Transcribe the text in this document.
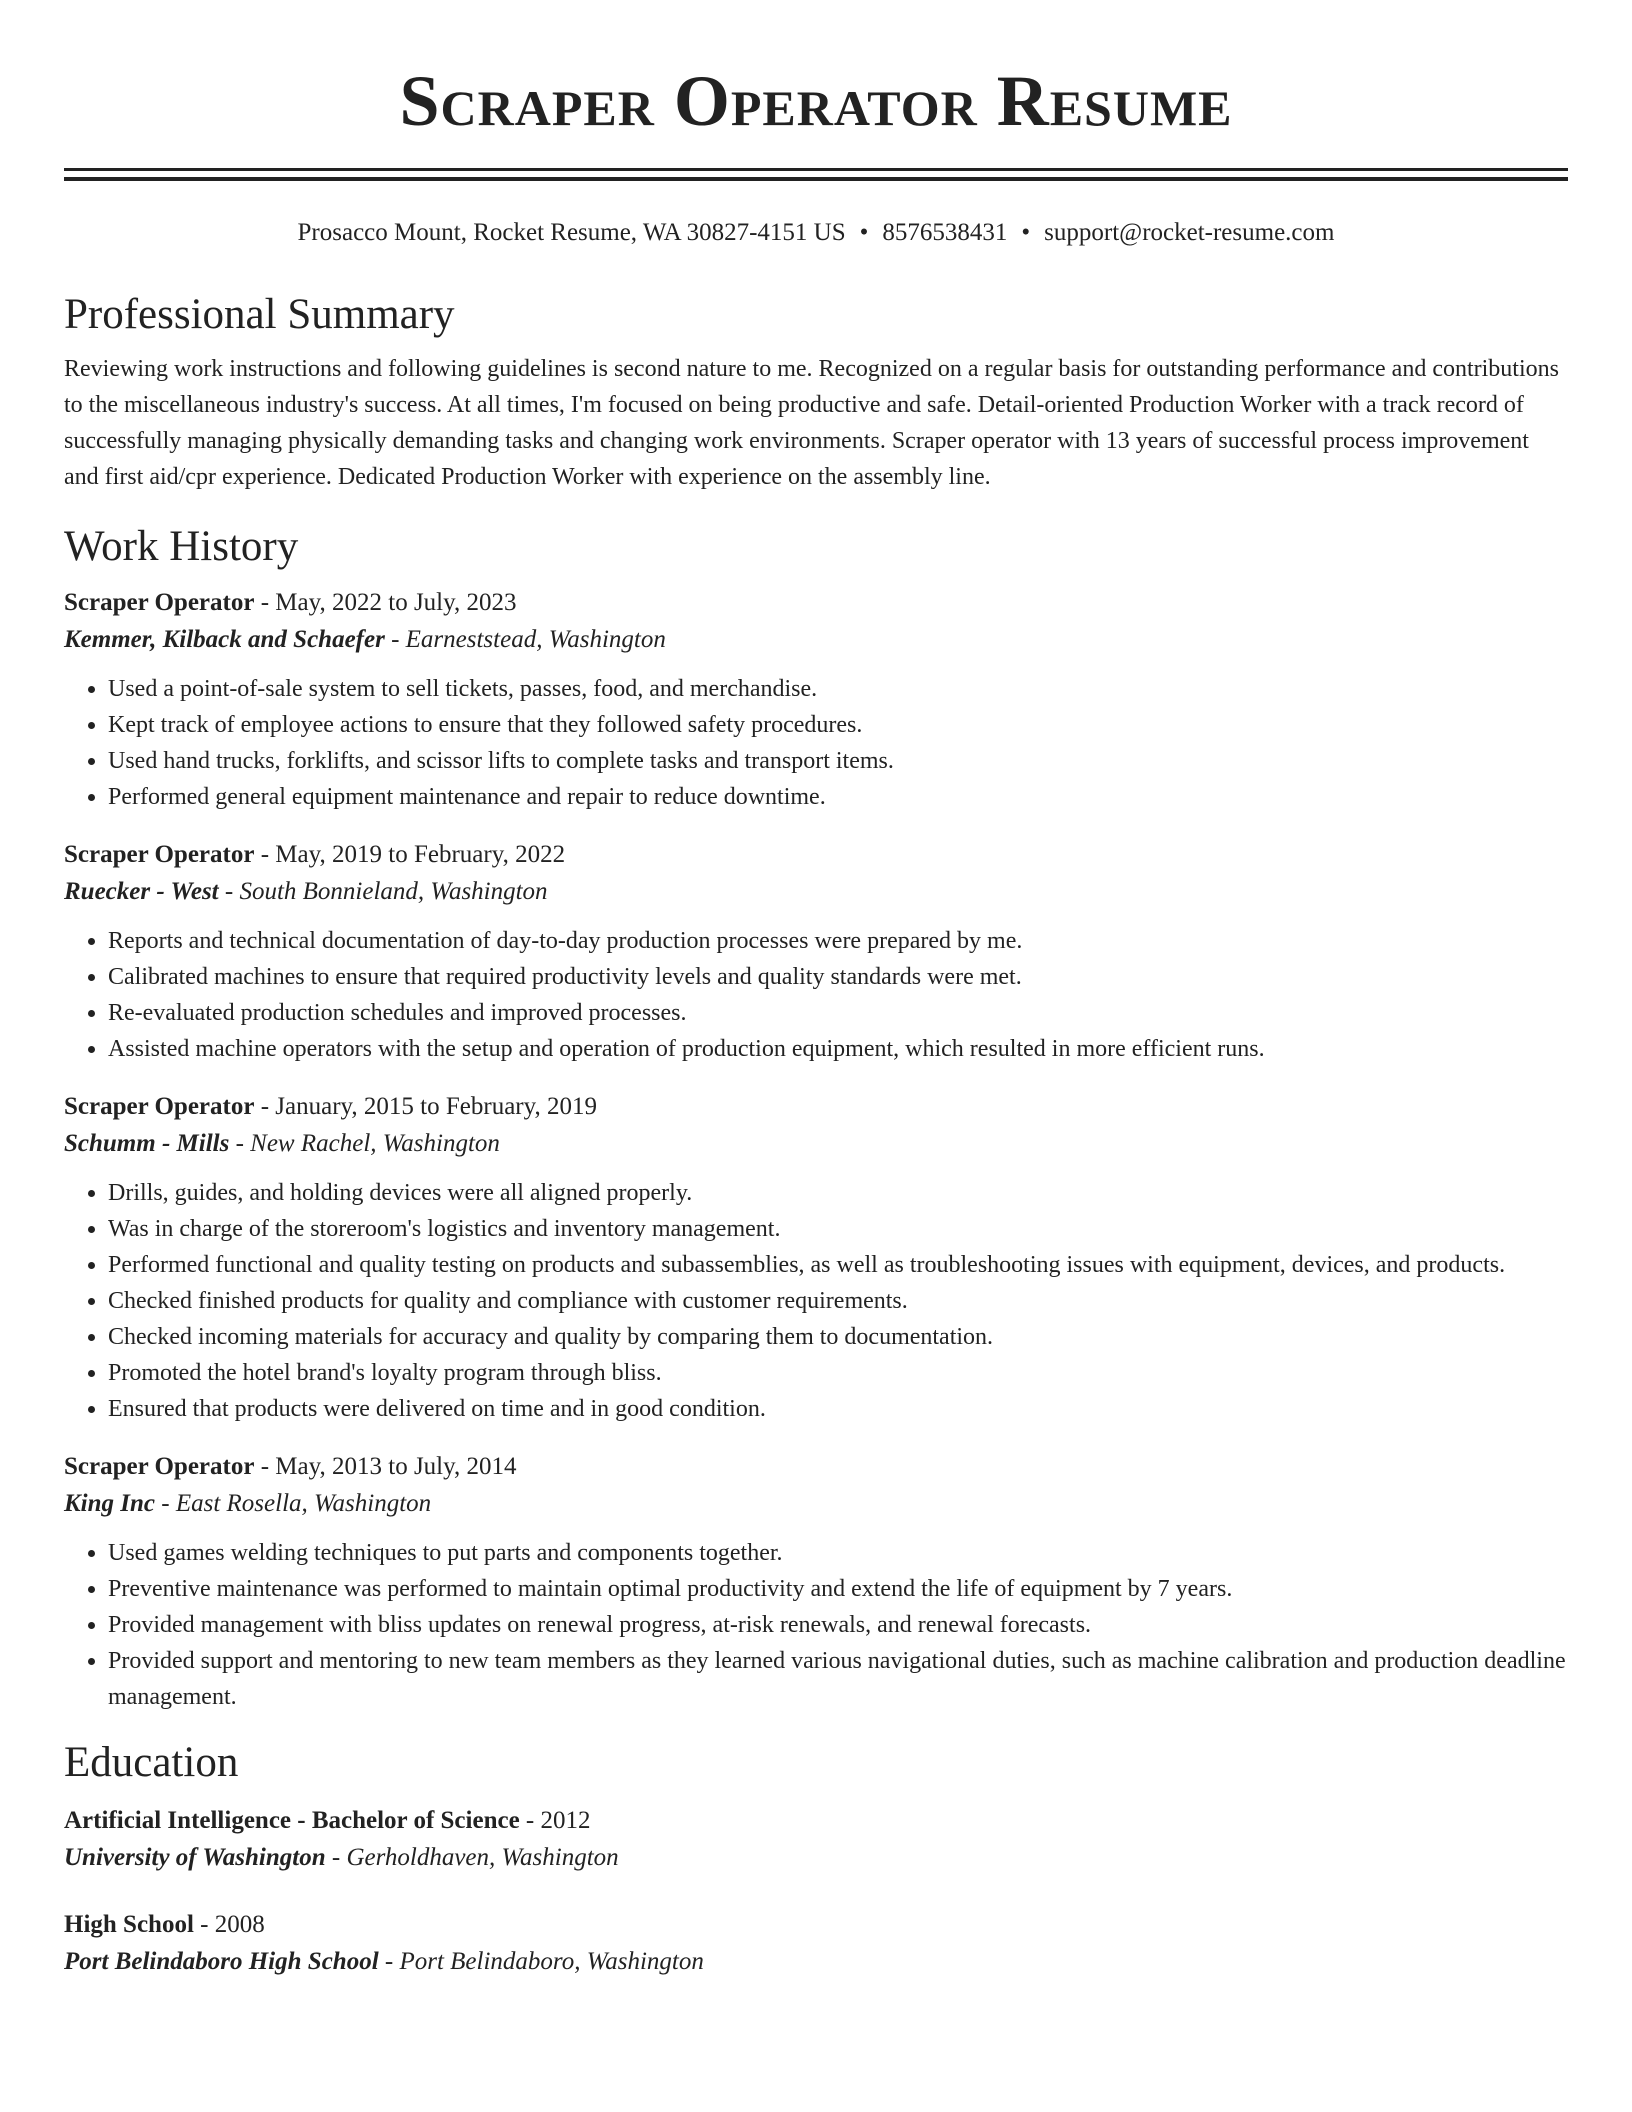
Scraper Operator Resume
Prosacco Mount, Rocket Resume, WA 30827-4151 US • 8576538431 • support@rocket-resume.com
Professional Summary

Reviewing work instructions and following guidelines is second nature to me. Recognized on a regular basis for outstanding performance and contributions to the miscellaneous industry's success. At all times, I'm focused on being productive and safe. Detail-oriented Production Worker with a track record of successfully managing physically demanding tasks and changing work environments. Scraper operator with 13 years of successful process improvement and first aid/cpr experience. Dedicated Production Worker with experience on the assembly line.

Work History
Scraper Operator - May, 2022 to July, 2023
Kemmer, Kilback and Schaefer - Earneststead, Washington
• Used a point-of-sale system to sell tickets, passes, food, and merchandise.
• Kept track of employee actions to ensure that they followed safety procedures.
• Used hand trucks, forklifts, and scissor lifts to complete tasks and transport items.
• Performed general equipment maintenance and repair to reduce downtime.
Scraper Operator - May, 2019 to February, 2022
Ruecker - West - South Bonnieland, Washington
• Reports and technical documentation of day-to-day production processes were prepared by me.
• Calibrated machines to ensure that required productivity levels and quality standards were met.
• Re-evaluated production schedules and improved processes.
• Assisted machine operators with the setup and operation of production equipment, which resulted in more efficient runs.
Scraper Operator - January, 2015 to February, 2019
Schumm - Mills - New Rachel, Washington
• Drills, guides, and holding devices were all aligned properly.
• Was in charge of the storeroom's logistics and inventory management.
• Performed functional and quality testing on products and subassemblies, as well as troubleshooting issues with equipment, devices, and products.
• Checked finished products for quality and compliance with customer requirements.
• Checked incoming materials for accuracy and quality by comparing them to documentation.
• Promoted the hotel brand's loyalty program through bliss.
• Ensured that products were delivered on time and in good condition.
Scraper Operator - May, 2013 to July, 2014
King Inc - East Rosella, Washington
• Used games welding techniques to put parts and components together.
• Preventive maintenance was performed to maintain optimal productivity and extend the life of equipment by 7 years.
• Provided management with bliss updates on renewal progress, at-risk renewals, and renewal forecasts.
• Provided support and mentoring to new team members as they learned various navigational duties, such as machine calibration and production deadline management.
Education
Artificial Intelligence - Bachelor of Science - 2012
University of Washington - Gerholdhaven, Washington
High School - 2008
Port Belindaboro High School - Port Belindaboro, Washington
